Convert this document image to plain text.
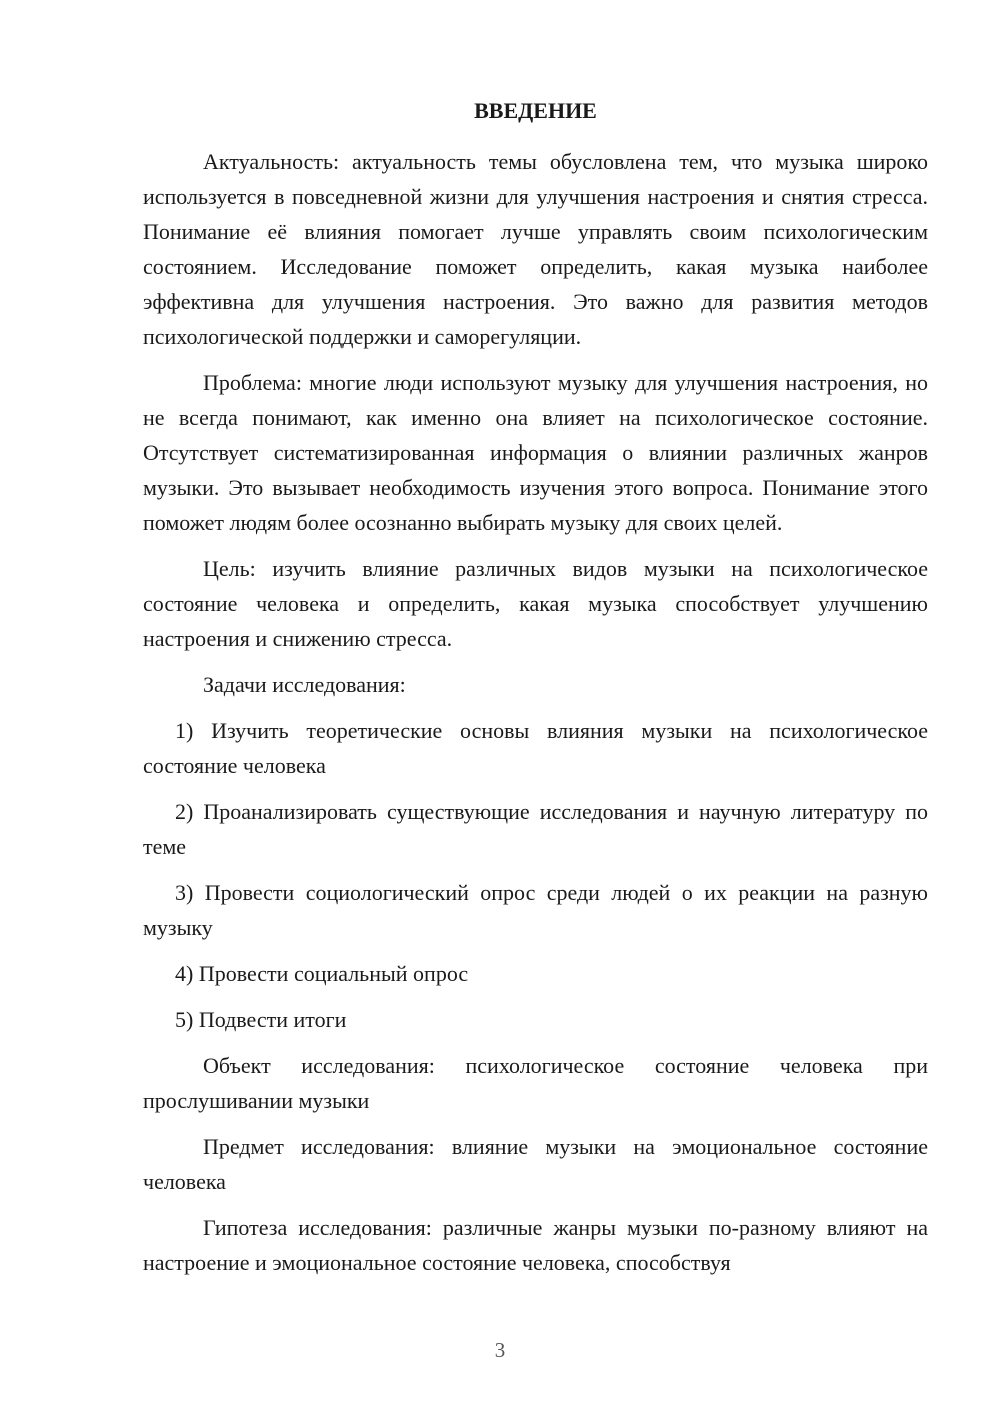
ВВЕДЕНИЕ

Актуальность: актуальность темы обусловлена тем, что музыка широко используется в повседневной жизни для улучшения настроения и снятия стресса. Понимание её влияния помогает лучше управлять своим психологическим состоянием. Исследование поможет определить, какая музыка наиболее эффективна для улучшения настроения. Это важно для развития методов психологической поддержки и саморегуляции.

Проблема: многие люди используют музыку для улучшения настроения, но не всегда понимают, как именно она влияет на психологическое состояние. Отсутствует систематизированная информация о влиянии различных жанров музыки. Это вызывает необходимость изучения этого вопроса. Понимание этого поможет людям более осознанно выбирать музыку для своих целей.

Цель: изучить влияние различных видов музыки на психологическое состояние человека и определить, какая музыка способствует улучшению настроения и снижению стресса.

Задачи исследования:

1) Изучить теоретические основы влияния музыки на психологическое состояние человека

2) Проанализировать существующие исследования и научную литературу по теме

3) Провести социологический опрос среди людей о их реакции на разную музыку

4) Провести социальный опрос

5) Подвести итоги

Объект исследования: психологическое состояние человека при прослушивании музыки

Предмет исследования: влияние музыки на эмоциональное состояние человека

Гипотеза исследования: различные жанры музыки по-разному влияют на настроение и эмоциональное состояние человека, способствуя

3
